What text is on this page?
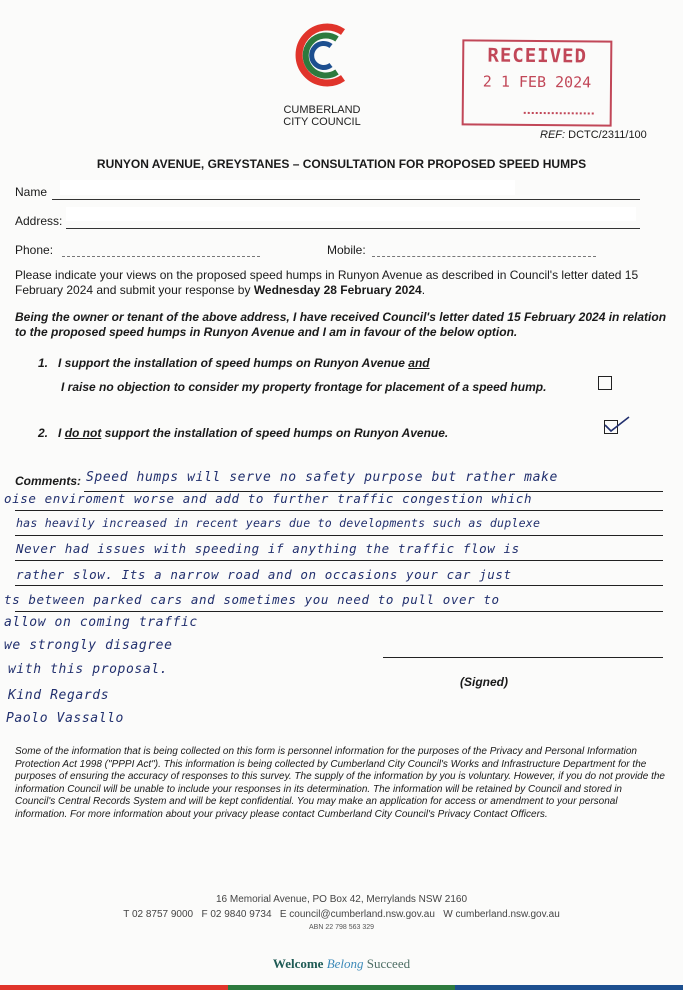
CUMBERLAND
CITY COUNCIL
RECEIVED
2 1 FEB 2024
REF: DCTC/2311/100
RUNYON AVENUE, GREYSTANES – CONSULTATION FOR PROPOSED SPEED HUMPS
Name
Address:
Phone:	Mobile:
Please indicate your views on the proposed speed humps in Runyon Avenue as described in Council's letter dated 15 February 2024 and submit your response by Wednesday 28 February 2024.
Being the owner or tenant of the above address, I have received Council's letter dated 15 February 2024 in relation to the proposed speed humps in Runyon Avenue and I am in favour of the below option.
1. I support the installation of speed humps on Runyon Avenue and
I raise no objection to consider my property frontage for placement of a speed hump.
2. I do not support the installation of speed humps on Runyon Avenue.
Comments: Speed humps will serve no safety purpose but rather make
oise enviroment worse and add to further traffic congestion which
has heavily increased in recent years due to developments such as duplexe
Never had issues with speeding if anything the traffic flow is
rather slow. Its a narrow road and on occasions your car just
ts between parked cars and sometimes you need to pull over to
allow on coming traffic
we strongly disagree
with this proposal.
Kind Regards
Paolo Vassallo
(Signed)
Some of the information that is being collected on this form is personnel information for the purposes of the Privacy and Personal Information Protection Act 1998 ("PPPI Act"). This information is being collected by Cumberland City Council's Works and Infrastructure Department for the purposes of ensuring the accuracy of responses to this survey. The supply of the information by you is voluntary. However, if you do not provide the information Council will be unable to include your responses in its determination. The information will be retained by Council and stored in Council's Central Records System and will be kept confidential. You may make an application for access or amendment to your personal information. For more information about your privacy please contact Cumberland City Council's Privacy Contact Officers.
16 Memorial Avenue, PO Box 42, Merrylands NSW 2160
T 02 8757 9000   F 02 9840 9734   E council@cumberland.nsw.gov.au   W cumberland.nsw.gov.au
ABN 22 798 563 329
Welcome Belong Succeed
